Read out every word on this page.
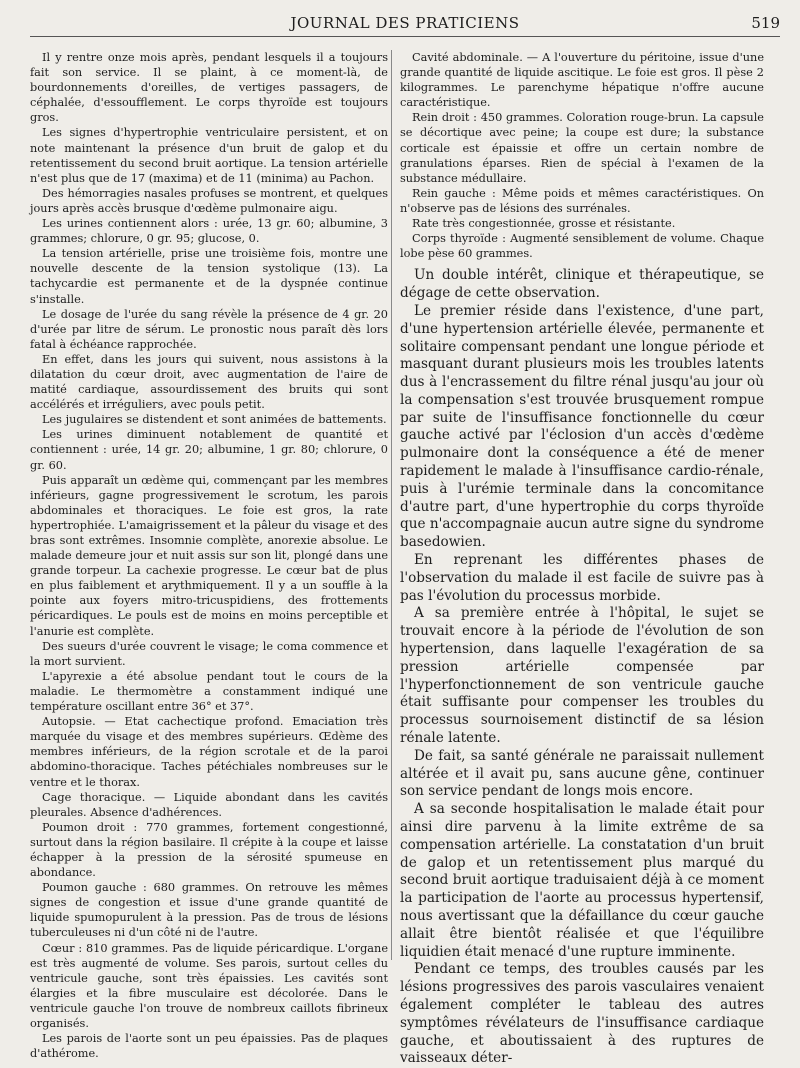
JOURNAL DES PRATICIENS	519

Il y rentre onze mois après, pendant lesquels il a toujours fait son service. Il se plaint, à ce moment-là, de bourdonnements d'oreilles, de vertiges passagers, de céphalée, d'essoufflement. Le corps thyroïde est toujours gros.

Les signes d'hypertrophie ventriculaire persistent, et on note maintenant la présence d'un bruit de galop et du retentissement du second bruit aortique. La tension artérielle n'est plus que de 17 (maxima) et de 11 (minima) au Pachon.

Des hémorragies nasales profuses se montrent, et quelques jours après accès brusque d'œdème pulmonaire aigu.

Les urines contiennent alors : urée, 13 gr. 60; albumine, 3 grammes; chlorure, 0 gr. 95; glucose, 0.

La tension artérielle, prise une troisième fois, montre une nouvelle descente de la tension systolique (13). La tachycardie est permanente et de la dyspnée continue s'installe.

Le dosage de l'urée du sang révèle la présence de 4 gr. 20 d'urée par litre de sérum. Le pronostic nous paraît dès lors fatal à échéance rapprochée.

En effet, dans les jours qui suivent, nous assistons à la dilatation du cœur droit, avec augmentation de l'aire de matité cardiaque, assourdissement des bruits qui sont accélérés et irréguliers, avec pouls petit.

Les jugulaires se distendent et sont animées de battements.

Les urines diminuent notablement de quantité et contiennent : urée, 14 gr. 20; albumine, 1 gr. 80; chlorure, 0 gr. 60.

Puis apparaît un œdème qui, commençant par les membres inférieurs, gagne progressivement le scrotum, les parois abdominales et thoraciques. Le foie est gros, la rate hypertrophiée. L'amaigrissement et la pâleur du visage et des bras sont extrêmes. Insomnie complète, anorexie absolue. Le malade demeure jour et nuit assis sur son lit, plongé dans une grande torpeur. La cachexie progresse. Le cœur bat de plus en plus faiblement et arythmiquement. Il y a un souffle à la pointe aux foyers mitro-tricuspidiens, des frottements péricardiques. Le pouls est de moins en moins perceptible et l'anurie est complète.

Des sueurs d'urée couvrent le visage; le coma commence et la mort survient.

L'apyrexie a été absolue pendant tout le cours de la maladie. Le thermomètre a constamment indiqué une température oscillant entre 36° et 37°.

Autopsie. — Etat cachectique profond. Emaciation très marquée du visage et des membres supérieurs. Œdème des membres inférieurs, de la région scrotale et de la paroi abdomino-thoracique. Taches pétéchiales nombreuses sur le ventre et le thorax.

Cage thoracique. — Liquide abondant dans les cavités pleurales. Absence d'adhérences.

Poumon droit : 770 grammes, fortement congestionné, surtout dans la région basilaire. Il crépite à la coupe et laisse échapper à la pression de la sérosité spumeuse en abondance.

Poumon gauche : 680 grammes. On retrouve les mêmes signes de congestion et issue d'une grande quantité de liquide spumopurulent à la pression. Pas de trous de lésions tuberculeuses ni d'un côté ni de l'autre.

Cœur : 810 grammes. Pas de liquide péricardique. L'organe est très augmenté de volume. Ses parois, surtout celles du ventricule gauche, sont très épaissies. Les cavités sont élargies et la fibre musculaire est décolorée. Dans le ventricule gauche l'on trouve de nombreux caillots fibrineux organisés.

Les parois de l'aorte sont un peu épaissies. Pas de plaques d'athérome.

Cavité abdominale. — A l'ouverture du péritoine, issue d'une grande quantité de liquide ascitique. Le foie est gros. Il pèse 2 kilogrammes. Le parenchyme hépatique n'offre aucune caractéristique.

Rein droit : 450 grammes. Coloration rouge-brun. La capsule se décortique avec peine; la coupe est dure; la substance corticale est épaissie et offre un certain nombre de granulations éparses. Rien de spécial à l'examen de la substance médullaire.

Rein gauche : Même poids et mêmes caractéristiques. On n'observe pas de lésions des surrénales.

Rate très congestionnée, grosse et résistante.

Corps thyroïde : Augmenté sensiblement de volume. Chaque lobe pèse 60 grammes.

Un double intérêt, clinique et thérapeutique, se dégage de cette observation.

Le premier réside dans l'existence, d'une part, d'une hypertension artérielle élevée, permanente et solitaire compensant pendant une longue période et masquant durant plusieurs mois les troubles latents dus à l'encrassement du filtre rénal jusqu'au jour où la compensation s'est trouvée brusquement rompue par suite de l'insuffisance fonctionnelle du cœur gauche activé par l'éclosion d'un accès d'œdème pulmonaire dont la conséquence a été de mener rapidement le malade à l'insuffisance cardio-rénale, puis à l'urémie terminale dans la concomitance d'autre part, d'une hypertrophie du corps thyroïde que n'accompagnaie aucun autre signe du syndrome basedowien.

En reprenant les différentes phases de l'observation du malade il est facile de suivre pas à pas l'évolution du processus morbide.

A sa première entrée à l'hôpital, le sujet se trouvait encore à la période de l'évolution de son hypertension, dans laquelle l'exagération de sa pression artérielle compensée par l'hyperfonctionnement de son ventricule gauche était suffisante pour compenser les troubles du processus sournoisement distinctif de sa lésion rénale latente.

De fait, sa santé générale ne paraissait nullement altérée et il avait pu, sans aucune gêne, continuer son service pendant de longs mois encore.

A sa seconde hospitalisation le malade était pour ainsi dire parvenu à la limite extrême de sa compensation artérielle. La constatation d'un bruit de galop et un retentissement plus marqué du second bruit aortique traduisaient déjà à ce moment la participation de l'aorte au processus hypertensif, nous avertissant que la défaillance du cœur gauche allait être bientôt réalisée et que l'équilibre liquidien était menacé d'une rupture imminente.

Pendant ce temps, des troubles causés par les lésions progressives des parois vasculaires venaient également compléter le tableau des autres symptômes révélateurs de l'insuffisance cardiaque gauche, et aboutissaient à des ruptures de vaisseaux déter-
